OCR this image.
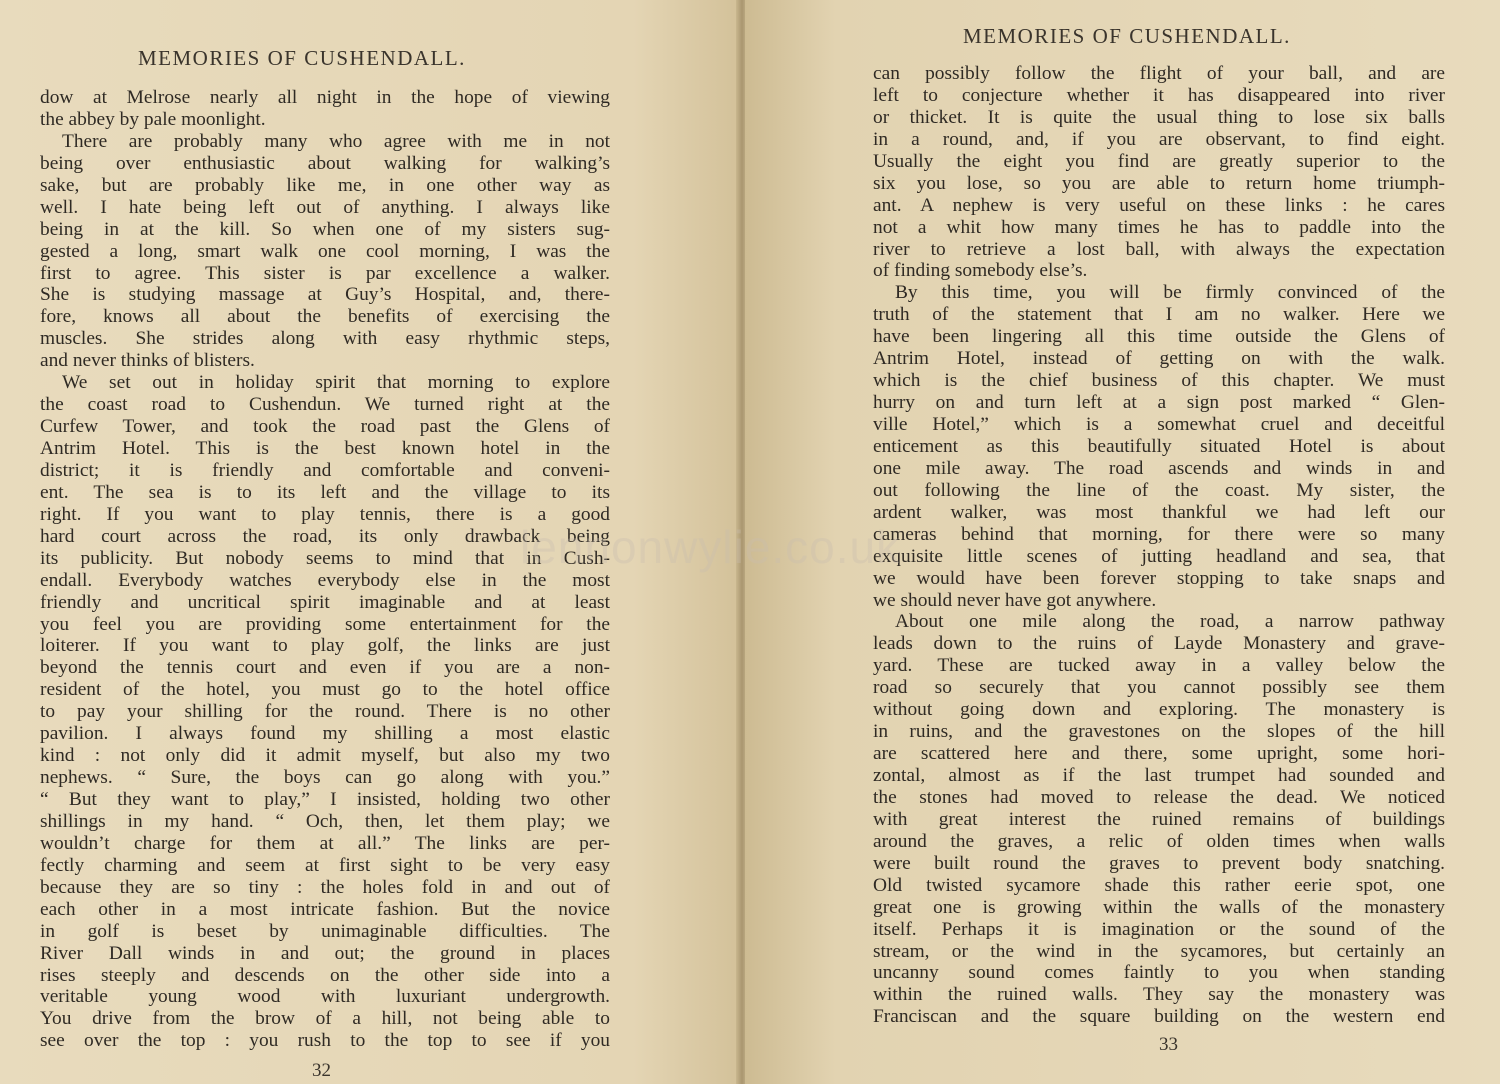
MEMORIES OF CUSHENDALL.
dow at Melrose nearly all night in the hope of viewing
the abbey by pale moonlight.
There are probably many who agree with me in not
being over enthusiastic about walking for walking’s
sake, but are probably like me, in one other way as
well. I hate being left out of anything. I always like
being in at the kill. So when one of my sisters sug-
gested a long, smart walk one cool morning, I was the
first to agree. This sister is par excellence a walker.
She is studying massage at Guy’s Hospital, and, there-
fore, knows all about the benefits of exercising the
muscles. She strides along with easy rhythmic steps,
and never thinks of blisters.
We set out in holiday spirit that morning to explore
the coast road to Cushendun. We turned right at the
Curfew Tower, and took the road past the Glens of
Antrim Hotel. This is the best known hotel in the
district; it is friendly and comfortable and conveni-
ent. The sea is to its left and the village to its
right. If you want to play tennis, there is a good
hard court across the road, its only drawback being
its publicity. But nobody seems to mind that in Cush-
endall. Everybody watches everybody else in the most
friendly and uncritical spirit imaginable and at least
you feel you are providing some entertainment for the
loiterer. If you want to play golf, the links are just
beyond the tennis court and even if you are a non-
resident of the hotel, you must go to the hotel office
to pay your shilling for the round. There is no other
pavilion. I always found my shilling a most elastic
kind : not only did it admit myself, but also my two
nephews. “ Sure, the boys can go along with you.”
“ But they want to play,” I insisted, holding two other
shillings in my hand. “ Och, then, let them play; we
wouldn’t charge for them at all.” The links are per-
fectly charming and seem at first sight to be very easy
because they are so tiny : the holes fold in and out of
each other in a most intricate fashion. But the novice
in golf is beset by unimaginable difficulties. The
River Dall winds in and out; the ground in places
rises steeply and descends on the other side into a
veritable young wood with luxuriant undergrowth.
You drive from the brow of a hill, not being able to
see over the top : you rush to the top to see if you
32
MEMORIES OF CUSHENDALL.
can possibly follow the flight of your ball, and are
left to conjecture whether it has disappeared into river
or thicket. It is quite the usual thing to lose six balls
in a round, and, if you are observant, to find eight.
Usually the eight you find are greatly superior to the
six you lose, so you are able to return home triumph-
ant. A nephew is very useful on these links : he cares
not a whit how many times he has to paddle into the
river to retrieve a lost ball, with always the expectation
of finding somebody else’s.
By this time, you will be firmly convinced of the
truth of the statement that I am no walker. Here we
have been lingering all this time outside the Glens of
Antrim Hotel, instead of getting on with the walk.
which is the chief business of this chapter. We must
hurry on and turn left at a sign post marked “ Glen-
ville Hotel,” which is a somewhat cruel and deceitful
enticement as this beautifully situated Hotel is about
one mile away. The road ascends and winds in and
out following the line of the coast. My sister, the
ardent walker, was most thankful we had left our
cameras behind that morning, for there were so many
exquisite little scenes of jutting headland and sea, that
we would have been forever stopping to take snaps and
we should never have got anywhere.
About one mile along the road, a narrow pathway
leads down to the ruins of Layde Monastery and grave-
yard. These are tucked away in a valley below the
road so securely that you cannot possibly see them
without going down and exploring. The monastery is
in ruins, and the gravestones on the slopes of the hill
are scattered here and there, some upright, some hori-
zontal, almost as if the last trumpet had sounded and
the stones had moved to release the dead. We noticed
with great interest the ruined remains of buildings
around the graves, a relic of olden times when walls
were built round the graves to prevent body snatching.
Old twisted sycamore shade this rather eerie spot, one
great one is growing within the walls of the monastery
itself. Perhaps it is imagination or the sound of the
stream, or the wind in the sycamores, but certainly an
uncanny sound comes faintly to you when standing
within the ruined walls. They say the monastery was
Franciscan and the square building on the western end
33
lennonwylie.co.uk
